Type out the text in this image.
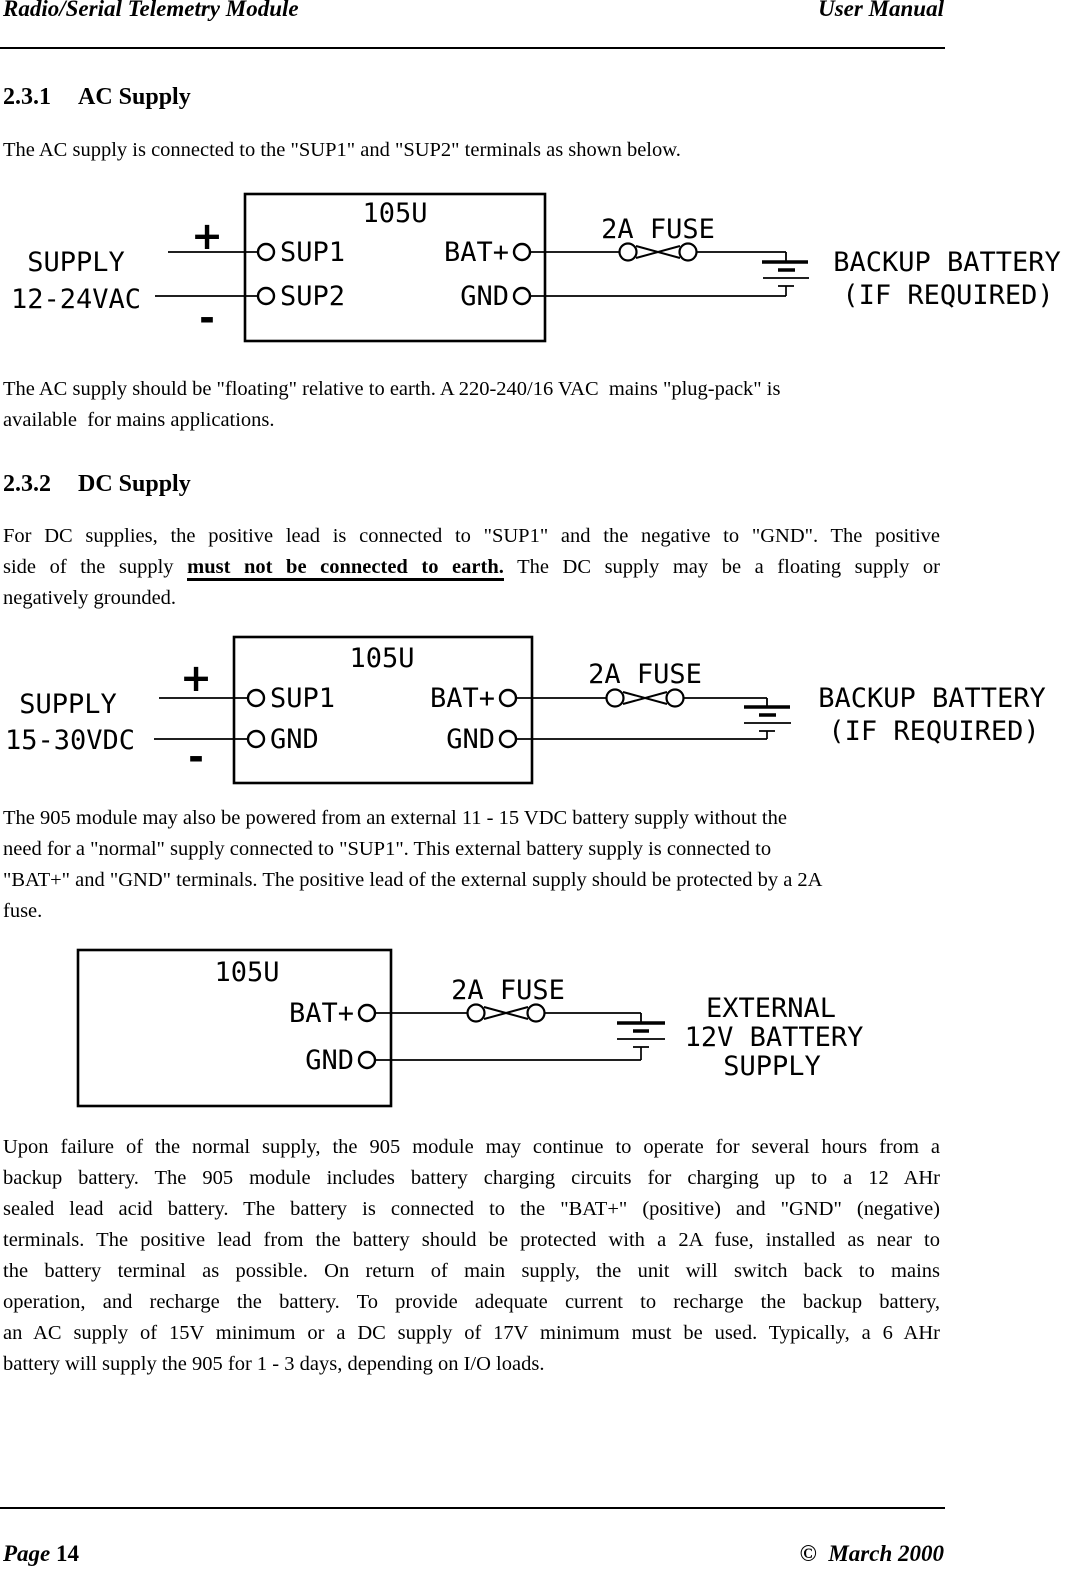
Radio/Serial Telemetry Module	User Manual
2.3.1 AC Supply
The AC supply is connected to the "SUP1" and "SUP2" terminals as shown below.
105U
SUP1
SUP2
BAT+
GND
SUPPLY
12-24VAC
+
-
2A FUSE
BACKUP BATTERY
(IF REQUIRED)
The AC supply should be "floating" relative to earth. A 220-240/16 VAC  mains "plug-pack" is
available  for mains applications.
2.3.2 DC Supply
For DC supplies, the positive lead is connected to "SUP1" and the negative to "GND". The positive
side of the supply must not be connected to earth. The DC supply may be a floating supply or
negatively grounded.
105U
SUP1
GND
BAT+
GND
SUPPLY
15-30VDC
+
-
2A FUSE
BACKUP BATTERY
(IF REQUIRED)
The 905 module may also be powered from an external 11 - 15 VDC battery supply without the
need for a "normal" supply connected to "SUP1". This external battery supply is connected to
"BAT+" and "GND" terminals. The positive lead of the external supply should be protected by a 2A
fuse.
105U
BAT+
GND
2A FUSE
EXTERNAL
12V BATTERY
SUPPLY
Upon failure of the normal supply, the 905 module may continue to operate for several hours from a
backup battery. The 905 module includes battery charging circuits for charging up to a 12 AHr
sealed lead acid battery. The battery is connected to the "BAT+" (positive) and "GND" (negative)
terminals. The positive lead from the battery should be protected with a 2A fuse, installed as near to
the battery terminal as possible. On return of main supply, the unit will switch back to mains
operation, and recharge the battery. To provide adequate current to recharge the backup battery,
an AC supply of 15V minimum or a DC supply of 17V minimum must be used. Typically, a 6 AHr
battery will supply the 905 for 1 - 3 days, depending on I/O loads.
Page 14	©  March 2000
